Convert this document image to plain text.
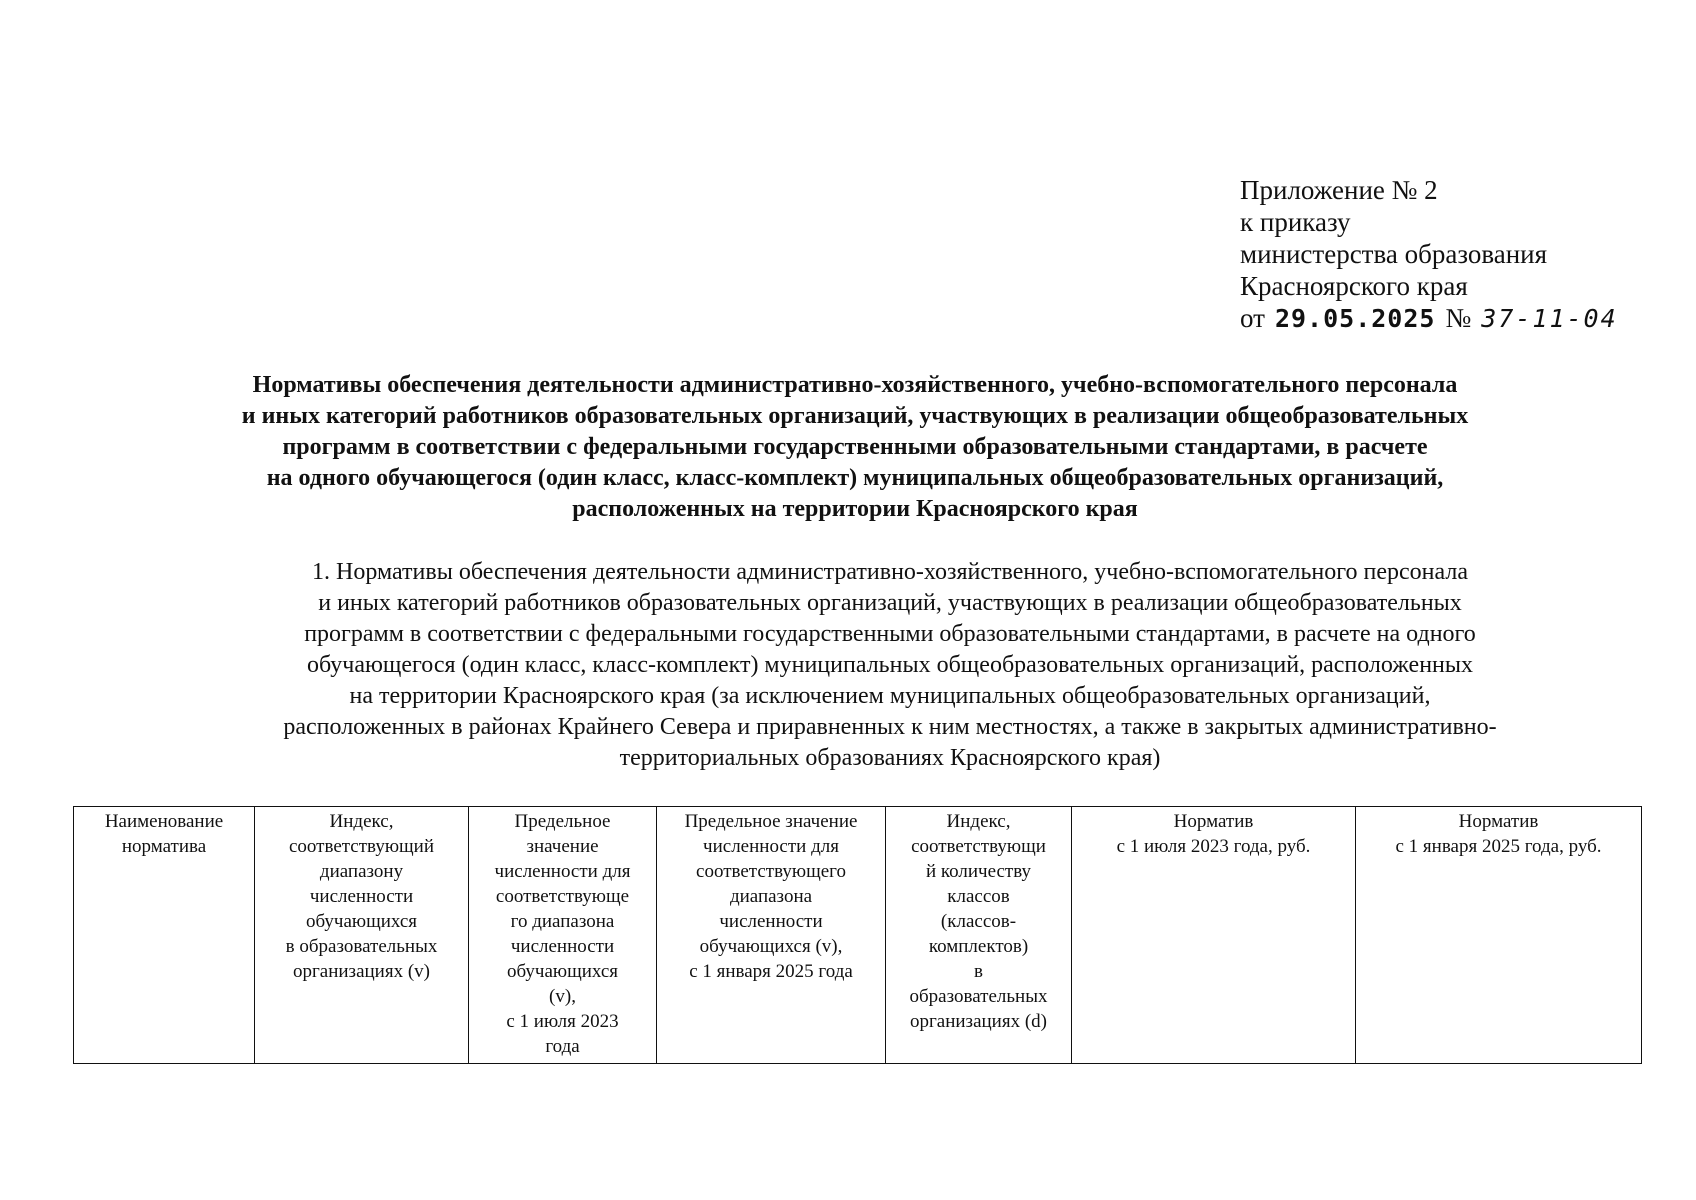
Приложение № 2
к приказу
министерства образования
Красноярского края
от 29.05.2025 № 37-11-04
Нормативы обеспечения деятельности административно-хозяйственного, учебно-вспомогательного персонала
и иных категорий работников образовательных организаций, участвующих в реализации общеобразовательных
программ в соответствии с федеральными государственными образовательными стандартами, в расчете
на одного обучающегося (один класс, класс-комплект) муниципальных общеобразовательных организаций,
расположенных на территории Красноярского края
1. Нормативы обеспечения деятельности административно-хозяйственного, учебно-вспомогательного персонала
и иных категорий работников образовательных организаций, участвующих в реализации общеобразовательных
программ в соответствии с федеральными государственными образовательными стандартами, в расчете на одного
обучающегося (один класс, класс-комплект) муниципальных общеобразовательных организаций, расположенных
на территории Красноярского края (за исключением муниципальных общеобразовательных организаций,
расположенных в районах Крайнего Севера и приравненных к ним местностях, а также в закрытых административно-
территориальных образованиях Красноярского края)
Наименование
норматива

Индекс,
соответствующий
диапазону
численности
обучающихся
в образовательных
организациях (v)

Предельное
значение
численности для
соответствующе
го диапазона
численности
обучающихся
(v),
с 1 июля 2023
года

Предельное значение
численности для
соответствующего
диапазона
численности
обучающихся (v),
с 1 января 2025 года

Индекс,
соответствующи
й количеству
классов
(классов-
комплектов)
в
образовательных
организациях (d)

Норматив
с 1 июля 2023 года, руб.

Норматив
с 1 января 2025 года, руб.
